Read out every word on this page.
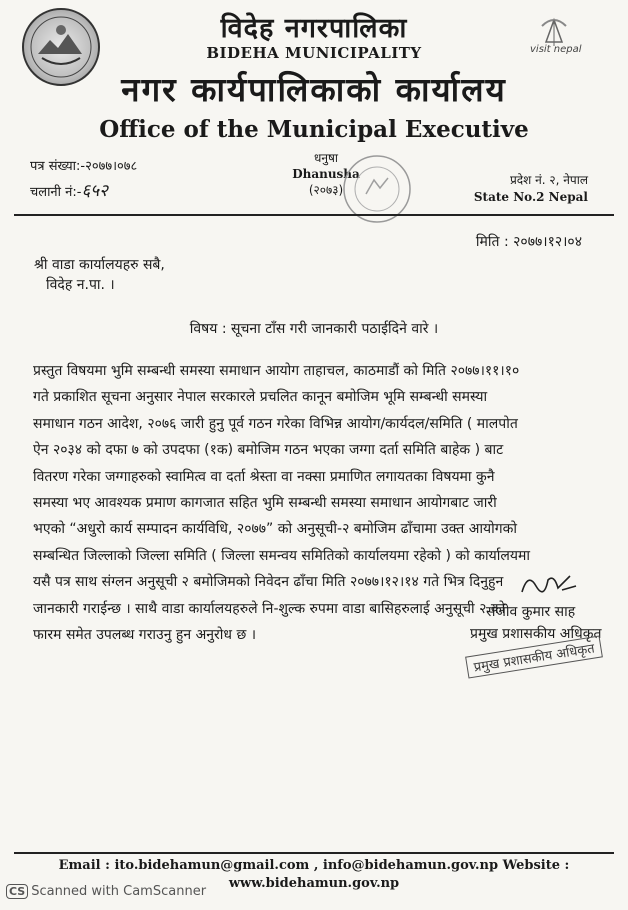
विदेह नगरपालिका
BIDEHA MUNICIPALITY
नगर कार्यपालिकाको कार्यालय
Office of the Municipal Executive
visit nepal
पत्र संख्या:-२०७७।०७८
चलानी नं:-६५२
धनुषा
Dhanusha
(२०७३)
प्रदेश नं. २, नेपाल
State No.2 Nepal
मिति : २०७७।१२।०४
श्री वाडा कार्यालयहरु सबै,
विदेह न.पा. ।
विषय : सूचना टाँस गरी जानकारी पठाईदिने वारे ।
प्रस्तुत विषयमा भुमि सम्बन्धी समस्या समाधान आयोग ताहाचल, काठमाडौं को मिति २०७७।११।१०
गते प्रकाशित सूचना अनुसार नेपाल सरकारले प्रचलित कानून बमोजिम भूमि सम्बन्धी समस्या
समाधान गठन आदेश, २०७६ जारी हुनु पूर्व गठन गरेका विभिन्न आयोग/कार्यदल/समिति ( मालपोत
ऐन २०३४ को दफा ७ को उपदफा (१क) बमोजिम गठन भएका जग्गा दर्ता समिति बाहेक ) बाट
वितरण गरेका जग्गाहरुको स्वामित्व वा दर्ता श्रेस्ता वा नक्सा प्रमाणित लगायतका विषयमा कुनै
समस्या भए आवश्यक प्रमाण कागजात सहित भुमि सम्बन्धी समस्या समाधान आयोगबाट जारी
भएको “अधुरो कार्य सम्पादन कार्यविधि, २०७७” को अनुसूची-२ बमोजिम ढाँचामा उक्त आयोगको
सम्बन्धित जिल्लाको जिल्ला समिति ( जिल्ला समन्वय समितिको कार्यालयमा रहेको ) को कार्यालयमा
यसै पत्र साथ संग्लन अनुसूची २ बमोजिमको निवेदन ढाँचा मिति २०७७।१२।१४ गते भित्र दिनुहुन
जानकारी गराईन्छ । साथै वाडा कार्यालयहरुले नि-शुल्क रुपमा वाडा बासिहरुलाई अनुसूची २ को
फारम समेत उपलब्ध गराउनु हुन अनुरोध छ ।
संजीव कुमार साह
प्रमुख प्रशासकीय अधिकृत
प्रमुख प्रशासकीय अधिकृत
Email : ito.bidehamun@gmail.com , info@bidehamun.gov.np Website :
www.bidehamun.gov.np
CS Scanned with CamScanner
